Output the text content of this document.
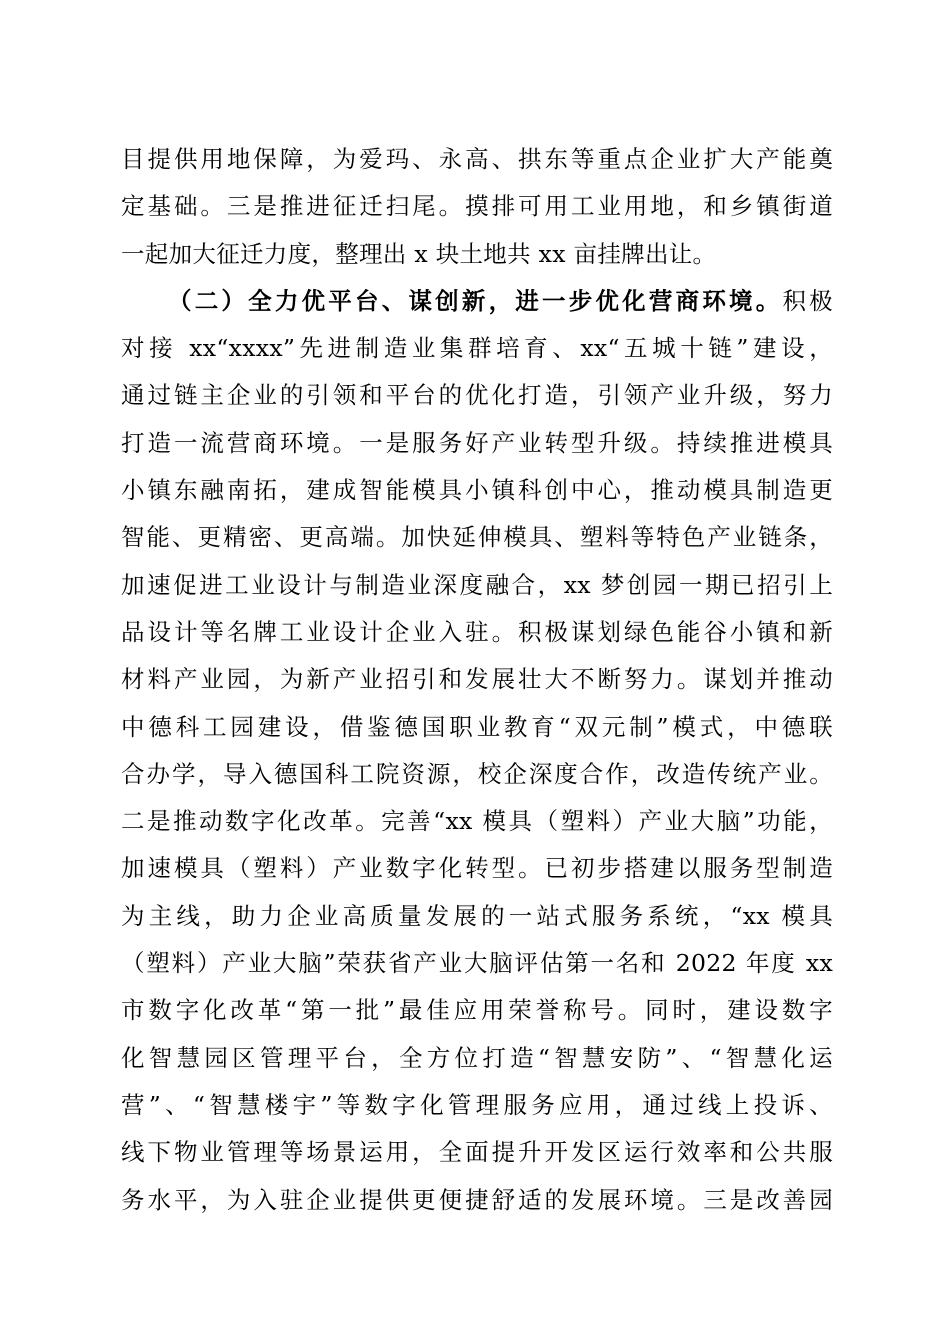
目提供用地保障，为爱玛、永高、拱东等重点企业扩大产能奠
定基础。三是推进征迁扫尾。摸排可用工业用地，和乡镇街道
一起加大征迁力度，整理出 x 块土地共 xx 亩挂牌出让。
（二）全力优平台、谋创新，进一步优化营商环境。积极
对接 xx“xxxx”先进制造业集群培育、xx“五城十链”建设，
通过链主企业的引领和平台的优化打造，引领产业升级，努力
打造一流营商环境。一是服务好产业转型升级。持续推进模具
小镇东融南拓，建成智能模具小镇科创中心，推动模具制造更
智能、更精密、更高端。加快延伸模具、塑料等特色产业链条，
加速促进工业设计与制造业深度融合，xx 梦创园一期已招引上
品设计等名牌工业设计企业入驻。积极谋划绿色能谷小镇和新
材料产业园，为新产业招引和发展壮大不断努力。谋划并推动
中德科工园建设，借鉴德国职业教育“双元制”模式，中德联
合办学，导入德国科工院资源，校企深度合作，改造传统产业。
二是推动数字化改革。完善“xx 模具（塑料）产业大脑”功能，
加速模具（塑料）产业数字化转型。已初步搭建以服务型制造
为主线，助力企业高质量发展的一站式服务系统，“xx 模具
（塑料）产业大脑”荣获省产业大脑评估第一名和 2022 年度 xx
市数字化改革“第一批”最佳应用荣誉称号。同时，建设数字
化智慧园区管理平台，全方位打造“智慧安防”、“智慧化运
营”、“智慧楼宇”等数字化管理服务应用，通过线上投诉、
线下物业管理等场景运用，全面提升开发区运行效率和公共服
务水平，为入驻企业提供更便捷舒适的发展环境。三是改善园
